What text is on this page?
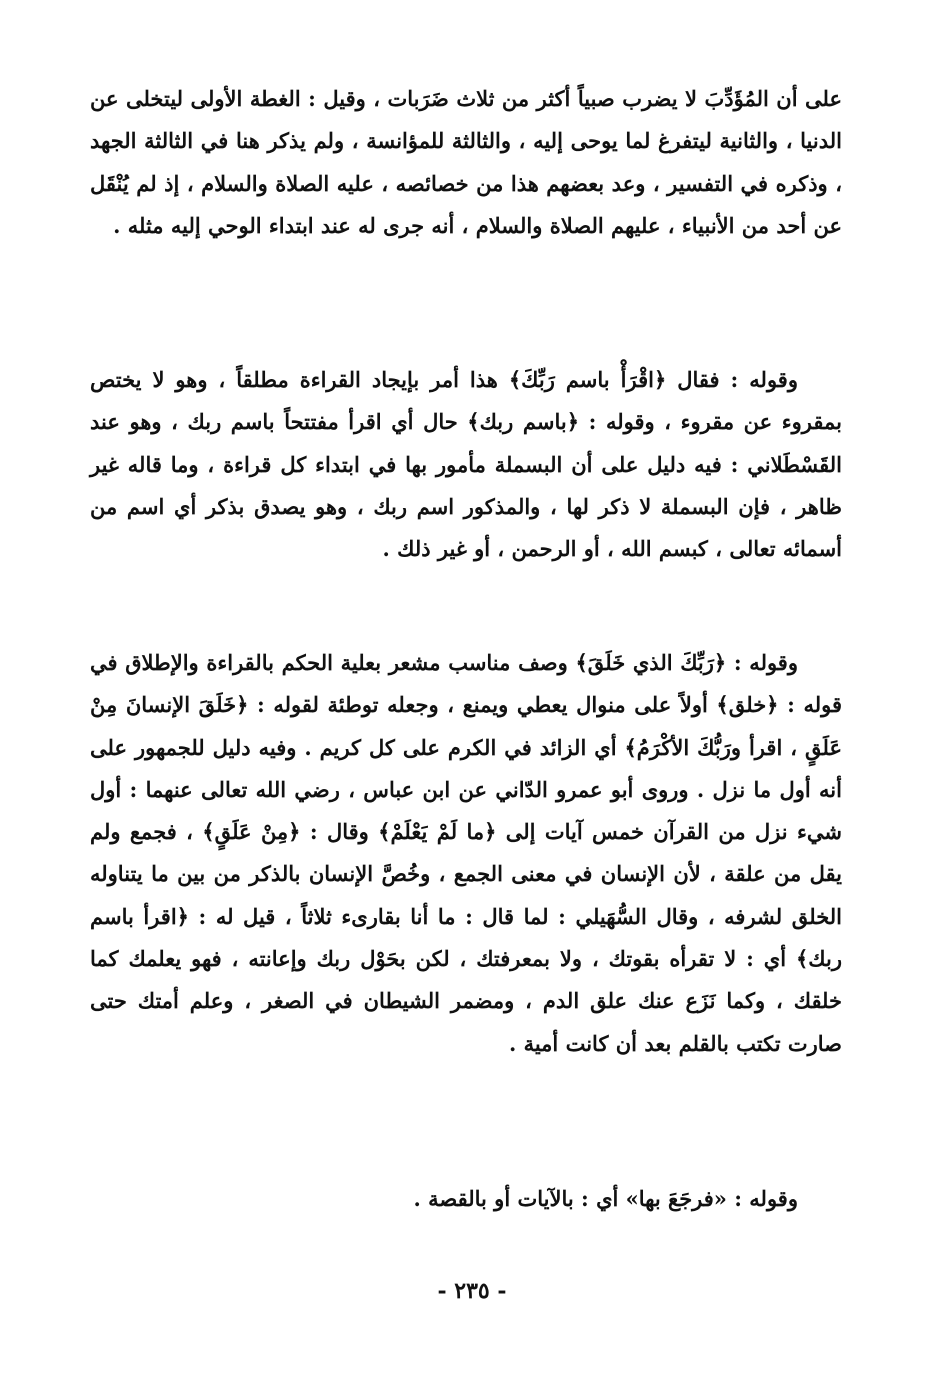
على أن المُؤَدِّبَ لا يضرب صبياً أكثر من ثلاث ضَرَبات ، وقيل : الغطة الأولى ليتخلى عن الدنيا ، والثانية ليتفرغ لما يوحى إليه ، والثالثة للمؤانسة ، ولم يذكر هنا في الثالثة الجهد ، وذكره في التفسير ، وعد بعضهم هذا من خصائصه ، عليه الصلاة والسلام ، إذ لم يُنْقَل عن أحد من الأنبياء ، عليهم الصلاة والسلام ، أنه جرى له عند ابتداء الوحي إليه مثله .

وقوله : فقال ﴿اقْرَأْ باسم رَبِّكَ﴾ هذا أمر بإيجاد القراءة مطلقاً ، وهو لا يختص بمقروء عن مقروء ، وقوله : ﴿باسم ربك﴾ حال أي اقرأ مفتتحاً باسم ربك ، وهو عند القَسْطَلاني : فيه دليل على أن البسملة مأمور بها في ابتداء كل قراءة ، وما قاله غير ظاهر ، فإن البسملة لا ذكر لها ، والمذكور اسم ربك ، وهو يصدق بذكر أي اسم من أسمائه تعالى ، كبسم الله ، أو الرحمن ، أو غير ذلك .

وقوله : ﴿رَبِّكَ الذي خَلَقَ﴾ وصف مناسب مشعر بعلية الحكم بالقراءة والإطلاق في قوله : ﴿خلق﴾ أولاً على منوال يعطي ويمنع ، وجعله توطئة لقوله : ﴿خَلَقَ الإنسانَ مِنْ عَلَقٍ ، اقرأ ورَبُّكَ الأكْرَمُ﴾ أي الزائد في الكرم على كل كريم . وفيه دليل للجمهور على أنه أول ما نزل . وروى أبو عمرو الدّاني عن ابن عباس ، رضي الله تعالى عنهما : أول شيء نزل من القرآن خمس آيات إلى ﴿ما لَمْ يَعْلَمْ﴾ وقال : ﴿مِنْ عَلَقٍ﴾ ، فجمع ولم يقل من علقة ، لأن الإنسان في معنى الجمع ، وخُصَّ الإنسان بالذكر من بين ما يتناوله الخلق لشرفه ، وقال السُّهَيلي : لما قال : ما أنا بقارىء ثلاثاً ، قيل له : ﴿اقرأ باسم ربك﴾ أي : لا تقرأه بقوتك ، ولا بمعرفتك ، لكن بحَوْل ربك وإعانته ، فهو يعلمك كما خلقك ، وكما نَزَع عنك علق الدم ، ومضمر الشيطان في الصغر ، وعلم أمتك حتى صارت تكتب بالقلم بعد أن كانت أمية .

وقوله : «فرجَعَ بها» أي : بالآيات أو بالقصة .

- ٢٣٥ -
